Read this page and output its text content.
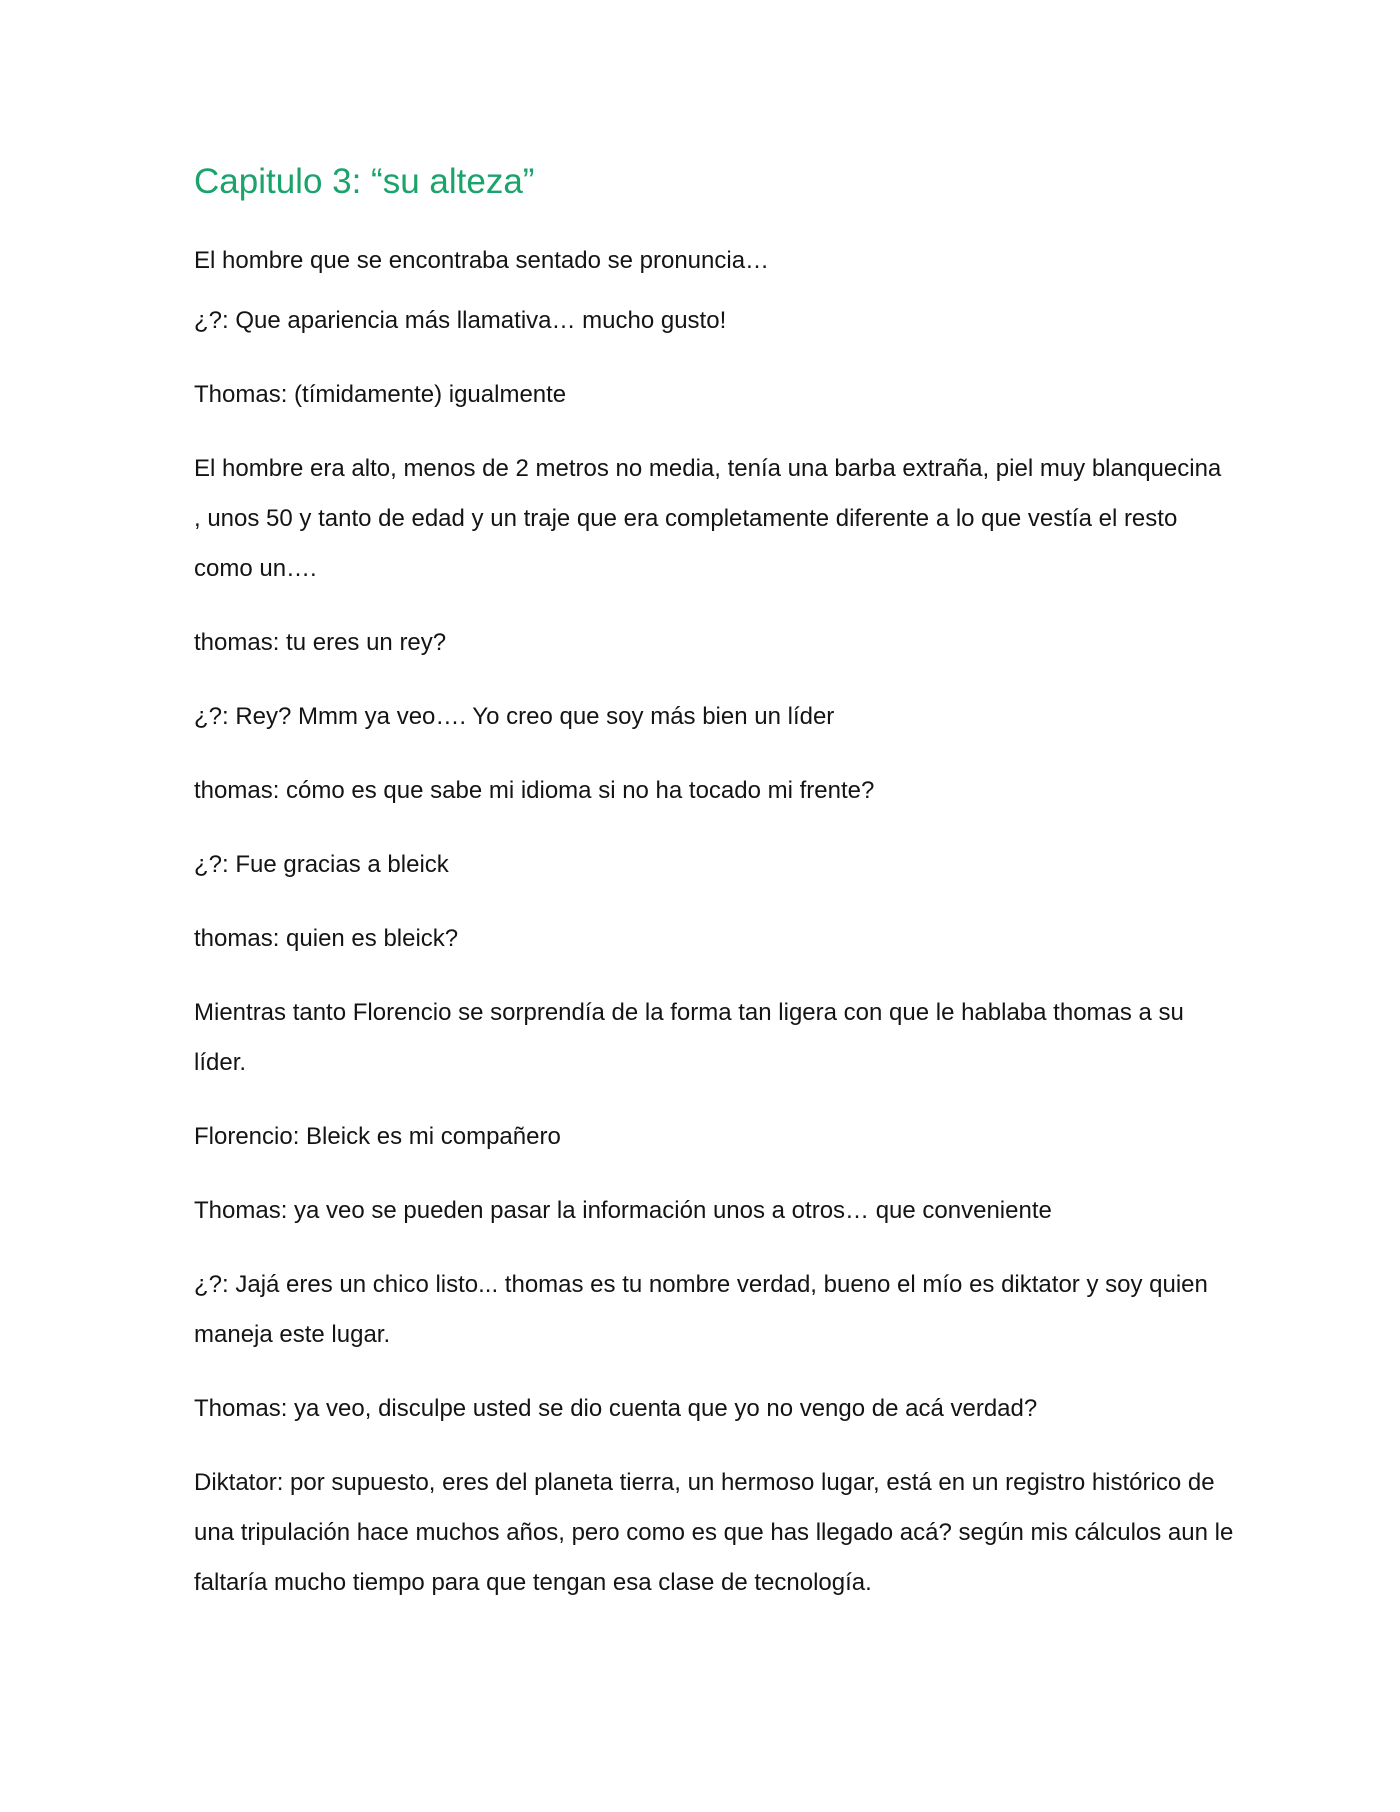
Capitulo 3: “su alteza”

El hombre que se encontraba sentado se pronuncia…

¿?: Que apariencia más llamativa… mucho gusto!

Thomas: (tímidamente) igualmente

El hombre era alto, menos de 2 metros no media, tenía una barba extraña, piel muy blanquecina , unos 50 y tanto de edad y un traje que era completamente diferente a lo que vestía el resto como un….

thomas: tu eres un rey?

¿?: Rey? Mmm ya veo…. Yo creo que soy más bien un líder

thomas: cómo es que sabe mi idioma si no ha tocado mi frente?

¿?: Fue gracias a bleick

thomas: quien es bleick?

Mientras tanto Florencio se sorprendía de la forma tan ligera con que le hablaba thomas a su líder.

Florencio: Bleick es mi compañero

Thomas: ya veo se pueden pasar la información unos a otros… que conveniente

¿?: Jajá eres un chico listo... thomas es tu nombre verdad, bueno el mío es diktator y soy quien maneja este lugar.

Thomas: ya veo, disculpe usted se dio cuenta que yo no vengo de acá verdad?

Diktator: por supuesto, eres del planeta tierra, un hermoso lugar, está en un registro histórico de una tripulación hace muchos años, pero como es que has llegado acá? según mis cálculos aun le faltaría mucho tiempo para que tengan esa clase de tecnología.
